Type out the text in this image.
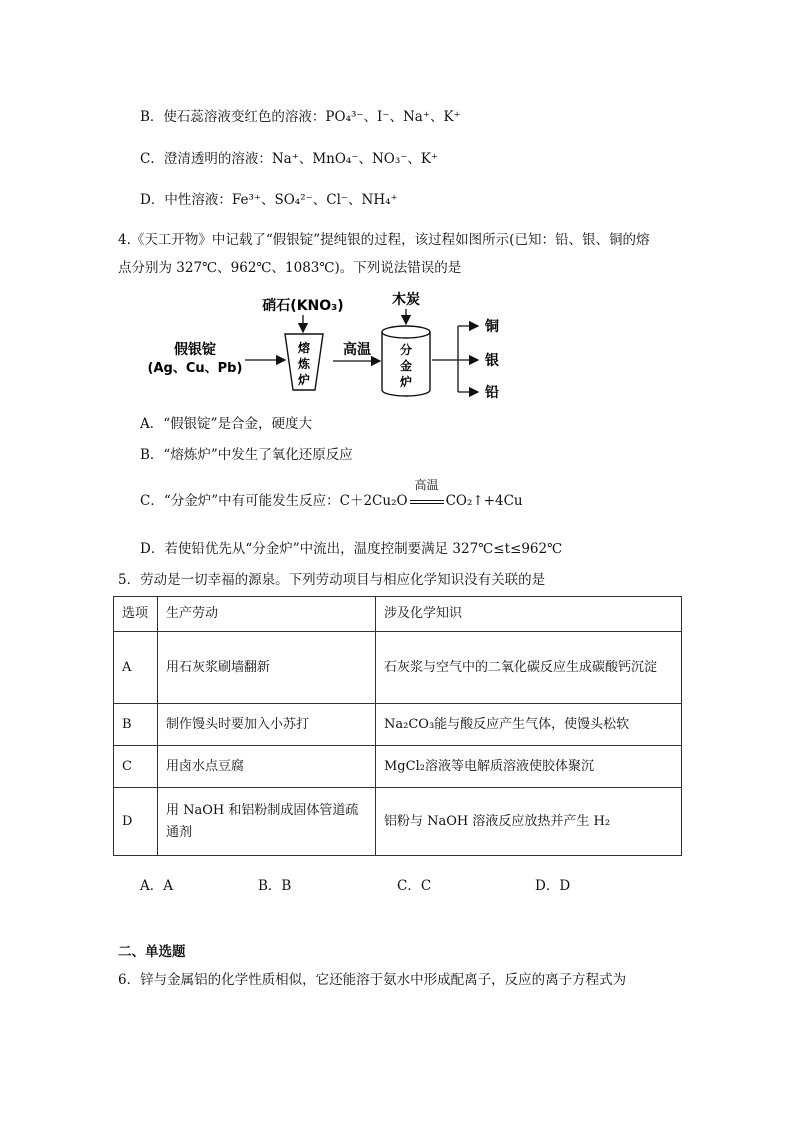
B．使石蕊溶液变红色的溶液：PO₄³⁻、I⁻、Na⁺、K⁺
C．澄清透明的溶液：Na⁺、MnO₄⁻、NO₃⁻、K⁺
D．中性溶液：Fe³⁺、SO₄²⁻、Cl⁻、NH₄⁺
4.《天工开物》中记载了“假银锭”提纯银的过程，该过程如图所示(已知：铅、银、铜的熔
点分别为 327℃、962℃、1083℃)。下列说法错误的是
假银锭
(Ag、Cu、Pb)
硝石(KNO₃)
熔
炼
炉
高温
木炭
分
金
炉
铜
银
铅
A．“假银锭”是合金，硬度大
B．“熔炼炉”中发生了氧化还原反应
C．“分金炉”中有可能发生反应：C＋2Cu₂O
高温
CO₂↑+4Cu
D．若使铅优先从“分金炉”中流出，温度控制要满足 327℃≤t≤962℃
5．劳动是一切幸福的源泉。下列劳动项目与相应化学知识没有关联的是
选项	生产劳动	涉及化学知识
A	用石灰浆刷墙翻新	石灰浆与空气中的二氧化碳反应生成碳酸钙沉淀
B	制作馒头时要加入小苏打	Na₂CO₃能与酸反应产生气体，使馒头松软
C	用卤水点豆腐	MgCl₂溶液等电解质溶液使胶体聚沉
D	用 NaOH 和铝粉制成固体管道疏通剂	铝粉与 NaOH 溶液反应放热并产生 H₂
A．A	B．B	C．C	D．D
二、单选题
6．锌与金属铝的化学性质相似，它还能溶于氨水中形成配离子，反应的离子方程式为
